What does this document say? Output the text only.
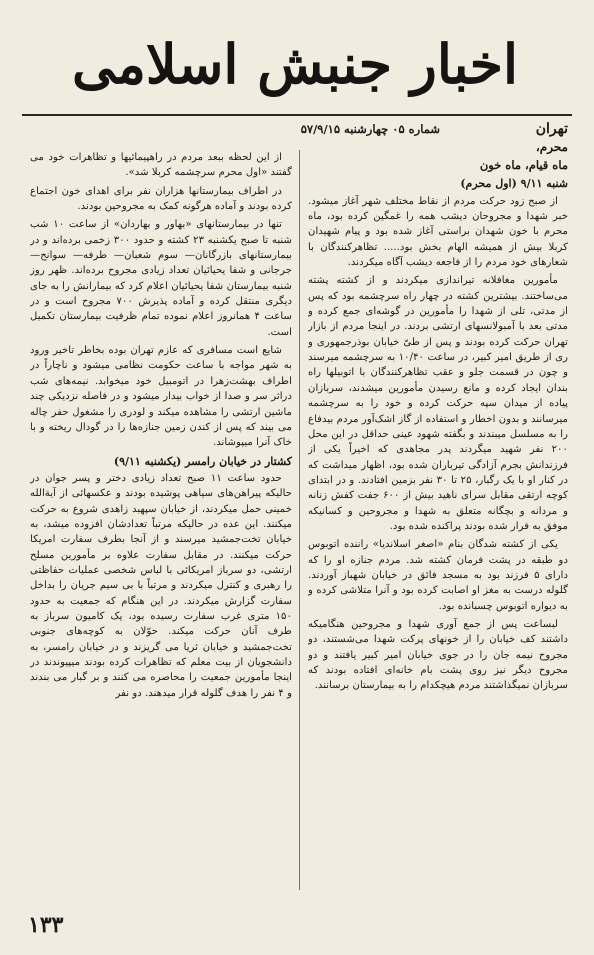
اخبار جنبش اسلامی
شماره ۰۵ چهارشنبه ۵۷/۹/۱۵	تهران
محرم،
ماه قیام، ماه خون
شنبه ۹/۱۱ (اول محرم)

از صبح زود حرکت مردم از نقاط مختلف شهر آغاز میشود. خبر شهدا و مجروحان دیشب همه را غمگین کرده بود، ماه محرم با خون شهدان براستی آغاز شده بود و پیام شهیدان کربلا بیش از همیشه الهام بخش بود..... تظاهرکنندگان با شعارهای خود مردم را از فاجعه دیشب آگاه میکردند.

مأمورین مغافلانه تیراندازی میکردند و از کشته پشته می‌ساختند. بیشترین کشته در چهار راه سرچشمه بود که پس از مدتی، تلی از شهدا را مأمورین در گوشه‌ای جمع کرده و مدتی بعد با آمبولانسهای ارتشی بردند. در اینجا مردم از بازار تهران حرکت کرده بودند و پس از طیّ خیابان بوذرجمهوری و ری از طریق امیر کبیر، در ساعت ۱۰/۴۰ به سرچشمه میرسند و چون در قسمت جلو و عقب تظاهرکنندگان با اتوبیلها راه بندان ایجاد کرده و مانع رسیدن مأمورین میشدند، سربازان پیاده از میدان سپه حرکت کرده و خود را به سرچشمه میرسانند و بدون اخطار و استفاده از گاز اشک‌آور مردم بیدفاع را به مسلسل میبندند و بگفته شهود عینی حداقل در این محل ۲۰۰ نفر شهید میگردند پدر مجاهدی که اخیراً یکی از فرزندانش بجرم آزادگی تیرباران شده بود، اظهار میداشت که در کنار او با یک رگبار، ۲۵ تا ۳۰ نفر بزمین افتادند. و در ابتدای کوچه ارتقی مقابل سرای ناهید بیش از ۶۰۰ جفت کفش زنانه و مردانه و بچگانه متعلق به شهدا و مجروحین و کسانیکه موفق به فرار شده بودند پراکنده شده بود.

یکی از کشته شدگان بنام «اصغر اسلاندیا» راننده اتوبوس دو طبقه در پشت فرمان کشته شد. مردم جنازه او را که دارای ۵ فرزند بود به مسجد فائق در خیابان شهباز آوردند. گلوله درست به مغز او اصابت کرده بود و آنرا متلاشی کرده و به دیواره اتوبوس چسبانده بود.

لبساعت پس از جمع آوری شهدا و مجروحین هنگامیکه داشتند کف خیابان را از خونهای پرکت شهدا می‌شستند، دو مجروح نیمه جان را در جوی خیابان امیر کبیر یافتند و دو مجروح دیگر نیز روی پشت بام خانه‌ای افتاده بودند که سربازان نمیگذاشتند مردم هیچکدام را به بیمارستان برسانند.

از این لحظه ببعد مردم در راهپیمائیها و تظاهرات خود می گفتند «اول محرم سرچشمه کربلا شد».

در اطراف بیمارستانها هزاران نفر برای اهدای خون اجتماع کرده بودند و آماده هرگونه کمک به مجروحین بودند.

تنها در بیمارستانهای «بهاور و بهاردان» از ساعت ۱۰ شب شنبه تا صبح یکشنبه ۲۳ کشته و حدود ۳۰۰ زخمی برده‌اند و در بیمارستانهای بازرگانان— سوم شعبان— طرفه— سوانح— جرجانی و شفا یحیائیان تعداد زیادی مجروح برده‌اند. ظهر روز شنبه بیمارستان شفا یحیائیان اعلام کرد که بیمارانش را به جای دیگری منتقل کرده و آماده پذیرش ۷۰۰ مجروح است و در ساعت ۴ همانروز اعلام نموده تمام ظرفیت بیمارستان تکمیل است.

شایع است مسافری که عازم تهران بوده بخاطر تاخیر ورود به شهر مواجه با ساعت حکومت نظامی میشود و ناچاراً در اطراف بهشت‌زهرا در اتومبیل خود میخوابد. نیمه‌های شب دراثر سر و صدا از خواب بیدار میشود و در فاصله نزدیکی چند ماشین ارتشی را مشاهده میکند و لودری را مشغول حفر چاله می بیند که پس از کندن زمین جنازه‌ها را در گودال ریخته و با خاک آنرا میپوشاند.

کشتار در خیابان رامسر (یکشنبه ۹/۱۱)

حدود ساعت ۱۱ صبح تعداد زیادی دختر و پسر جوان در حالیکه پیراهن‌های سیاهی پوشیده بودند و عکسهائی از آیة‌الله خمینی حمل میکردند، از خیابان سپهبد زاهدی شروع به حرکت میکنند. این عده در حالیکه مرتباً تعدادشان افزوده میشد، به خیابان تخت‌جمشید میرسند و از آنجا بطرف سفارت امریکا حرکت میکنند. در مقابل سفارت علاوه بر مأمورین مسلح ارتشی، دو سرباز امریکائی با لباس شخصی عملیات حفاظتی را رهبری و کنترل میکردند و مرتباً با بی سیم جریان را بداخل سفارت گزارش میکردند. در این هنگام که جمعیت به حدود ۱۵۰ متری غرب سفارت رسیده بود، یک کامیون سرباز به طرف آنان حرکت میکند. حوّلان به کوچه‌های جنوبی تخت‌جمشید و خیابان ثریا می گریزند و در خیابان رامسر، به دانشجویان از بیت معلم که تظاهرات کرده بودند میپیوندند در اینجا مأمورین جمعیت را محاصره می کنند و بر گبار می بندند و ۴ نفر را هدف گلوله قرار میدهند. دو نفر

۱۳۳
